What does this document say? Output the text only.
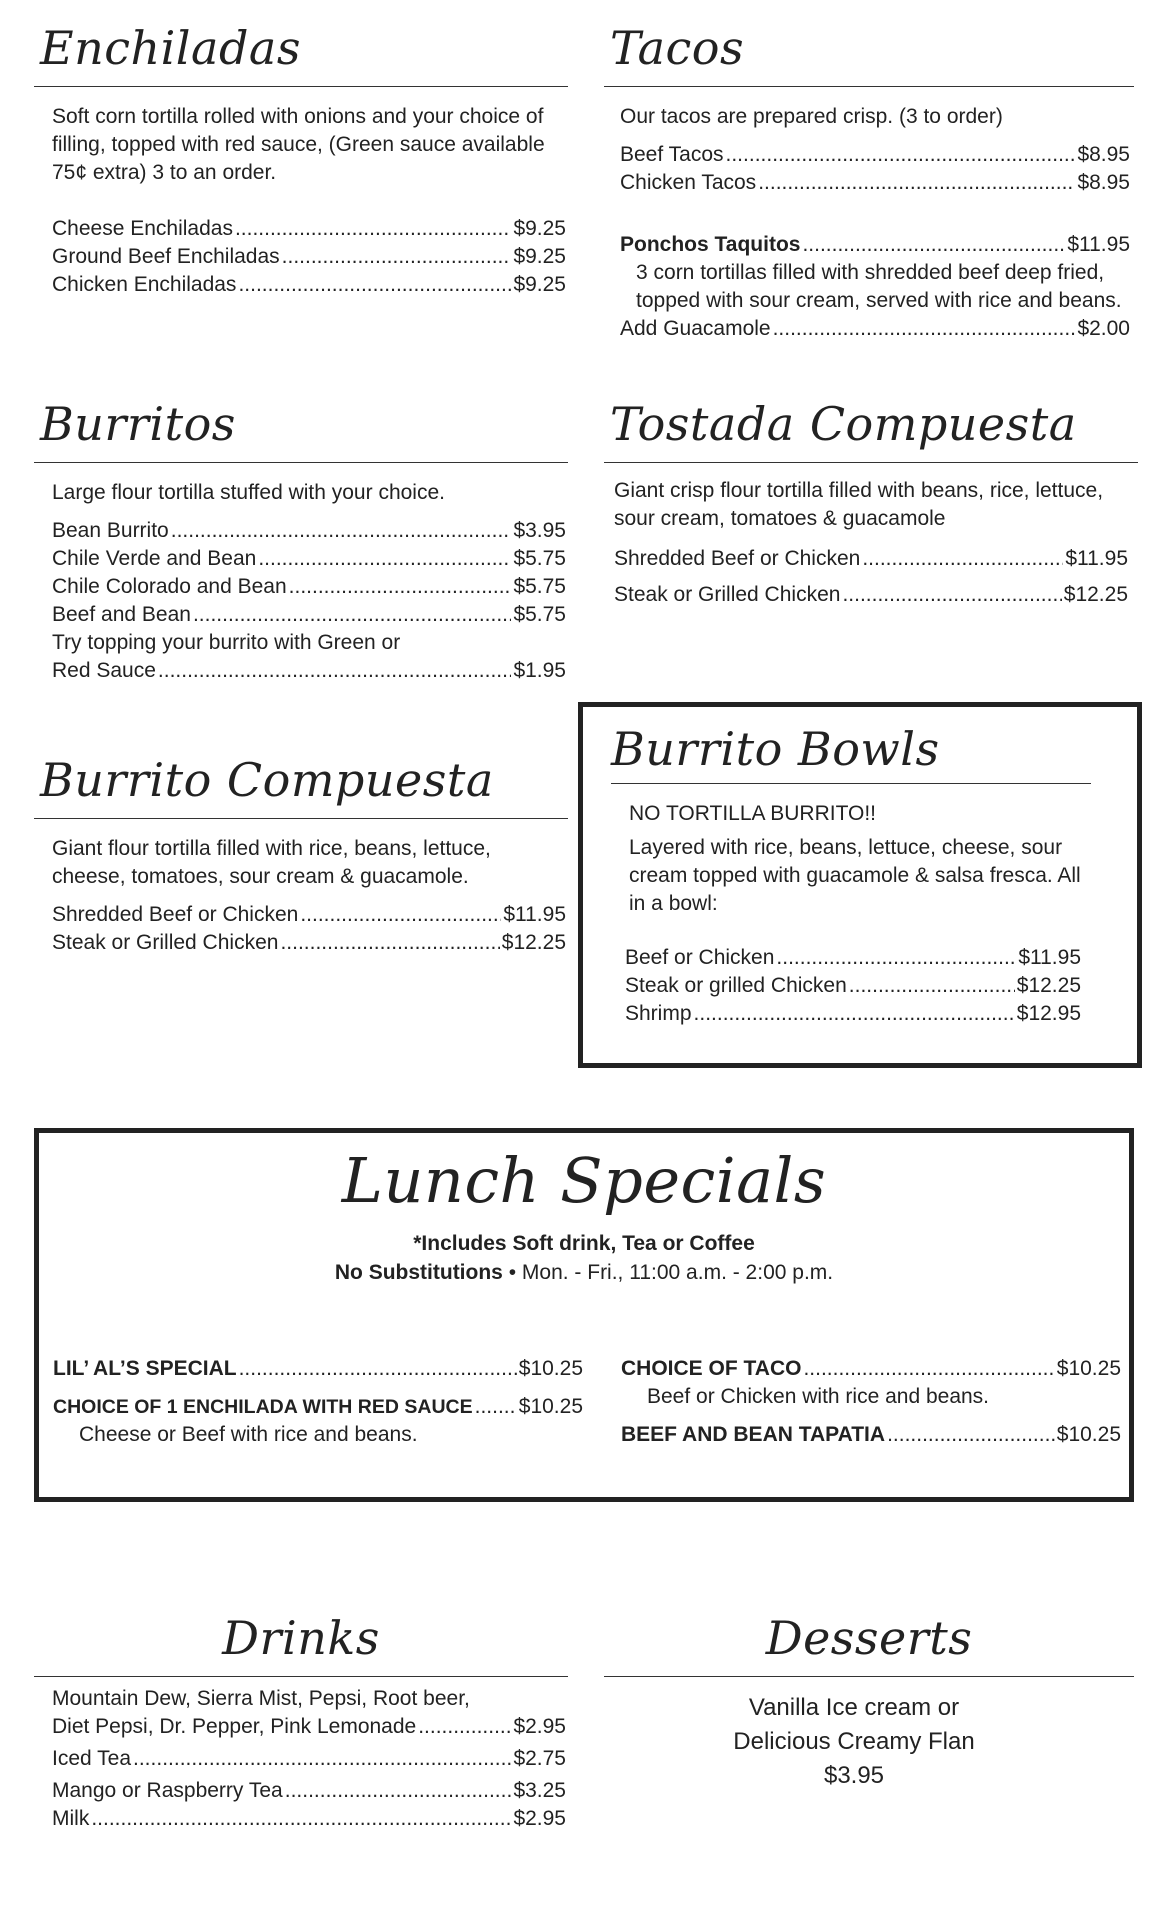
Enchiladas

Soft corn tortilla rolled with onions and your choice of filling, topped with red sauce, (Green sauce available 75¢ extra) 3 to an order.

Cheese Enchiladas .....	$9.25
Ground Beef Enchiladas .....	$9.25
Chicken Enchiladas .....	$9.25
Tacos

Our tacos are prepared crisp. (3 to order)

Beef Tacos .....	$8.95
Chicken Tacos .....	$8.95
Ponchos Taquitos .....	$11.95

3 corn tortillas filled with shredded beef deep fried, topped with sour cream, served with rice and beans.

Add Guacamole .....	$2.00
Burritos

Large flour tortilla stuffed with your choice.

Bean Burrito .....	$3.95
Chile Verde and Bean .....	$5.75
Chile Colorado and Bean .....	$5.75
Beef and Bean .....	$5.75

Try topping your burrito with Green or

Red Sauce .....	$1.95
Tostada Compuesta

Giant crisp flour tortilla filled with beans, rice, lettuce, sour cream, tomatoes & guacamole

Shredded Beef or Chicken .....	$11.95
Steak or Grilled Chicken .....	$12.25
Burrito Compuesta

Giant flour tortilla filled with rice, beans, lettuce, cheese, tomatoes, sour cream & guacamole.

Shredded Beef or Chicken .....	$11.95
Steak or Grilled Chicken .....	$12.25
Burrito Bowls

NO TORTILLA BURRITO!!

Layered with rice, beans, lettuce, cheese, sour cream topped with guacamole & salsa fresca. All in a bowl:

Beef or Chicken .....	$11.95
Steak or grilled Chicken .....	$12.25
Shrimp .....	$12.95
Lunch Specials
*Includes Soft drink, Tea or Coffee
No Substitutions • Mon. - Fri., 11:00 a.m. - 2:00 p.m.
LIL’ AL’S SPECIAL .....	$10.25
CHOICE OF 1 ENCHILADA WITH RED SAUCE ..... $10.25

Cheese or Beef with rice and beans.

CHOICE OF TACO .....	$10.25

Beef or Chicken with rice and beans.

BEEF AND BEAN TAPATIA .....	$10.25
Drinks

Mountain Dew, Sierra Mist, Pepsi, Root beer,

Diet Pepsi, Dr. Pepper, Pink Lemonade .....	$2.95
Iced Tea .....	$2.75
Mango or Raspberry Tea .....	$3.25
Milk .....	$2.95
Desserts
Vanilla Ice cream or
Delicious Creamy Flan
$3.95
